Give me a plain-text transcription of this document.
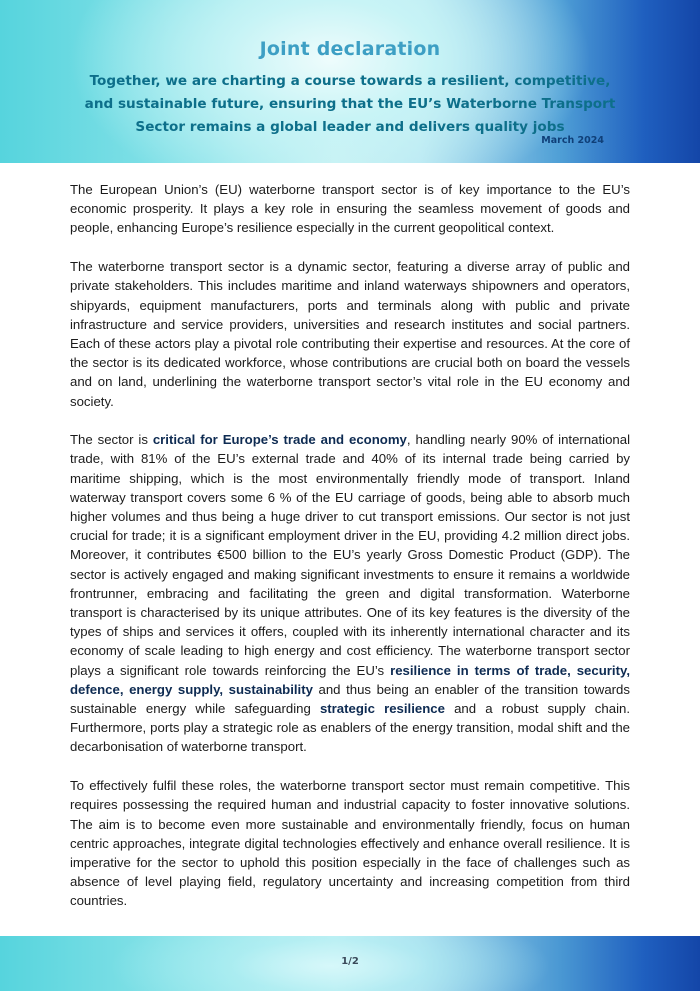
Joint declaration
Together, we are charting a course towards a resilient, competitive, and sustainable future, ensuring that the EU’s Waterborne Transport Sector remains a global leader and delivers quality jobs
March 2024

The European Union’s (EU) waterborne transport sector is of key importance to the EU’s economic prosperity. It plays a key role in ensuring the seamless movement of goods and people, enhancing Europe’s resilience especially in the current geopolitical context.

The waterborne transport sector is a dynamic sector, featuring a diverse array of public and private stakeholders. This includes maritime and inland waterways shipowners and operators, shipyards, equipment manufacturers, ports and terminals along with public and private infrastructure and service providers, universities and research institutes and social partners. Each of these actors play a pivotal role contributing their expertise and resources. At the core of the sector is its dedicated workforce, whose contributions are crucial both on board the vessels and on land, underlining the waterborne transport sector’s vital role in the EU economy and society.

The sector is critical for Europe’s trade and economy, handling nearly 90% of international trade, with 81% of the EU’s external trade and 40% of its internal trade being carried by maritime shipping, which is the most environmentally friendly mode of transport. Inland waterway transport covers some 6 % of the EU carriage of goods, being able to absorb much higher volumes and thus being a huge driver to cut transport emissions. Our sector is not just crucial for trade; it is a significant employment driver in the EU, providing 4.2 million direct jobs. Moreover, it contributes €500 billion to the EU’s yearly Gross Domestic Product (GDP). The sector is actively engaged and making significant investments to ensure it remains a worldwide frontrunner, embracing and facilitating the green and digital transformation. Waterborne transport is characterised by its unique attributes. One of its key features is the diversity of the types of ships and services it offers, coupled with its inherently international character and its economy of scale leading to high energy and cost efficiency. The waterborne transport sector plays a significant role towards reinforcing the EU’s resilience in terms of trade, security, defence, energy supply, sustainability and thus being an enabler of the transition towards sustainable energy while safeguarding strategic resilience and a robust supply chain. Furthermore, ports play a strategic role as enablers of the energy transition, modal shift and the decarbonisation of waterborne transport.

To effectively fulfil these roles, the waterborne transport sector must remain competitive. This requires possessing the required human and industrial capacity to foster innovative solutions. The aim is to become even more sustainable and environmentally friendly, focus on human centric approaches, integrate digital technologies effectively and enhance overall resilience. It is imperative for the sector to uphold this position especially in the face of challenges such as absence of level playing field, regulatory uncertainty and increasing competition from third countries.

1/2
